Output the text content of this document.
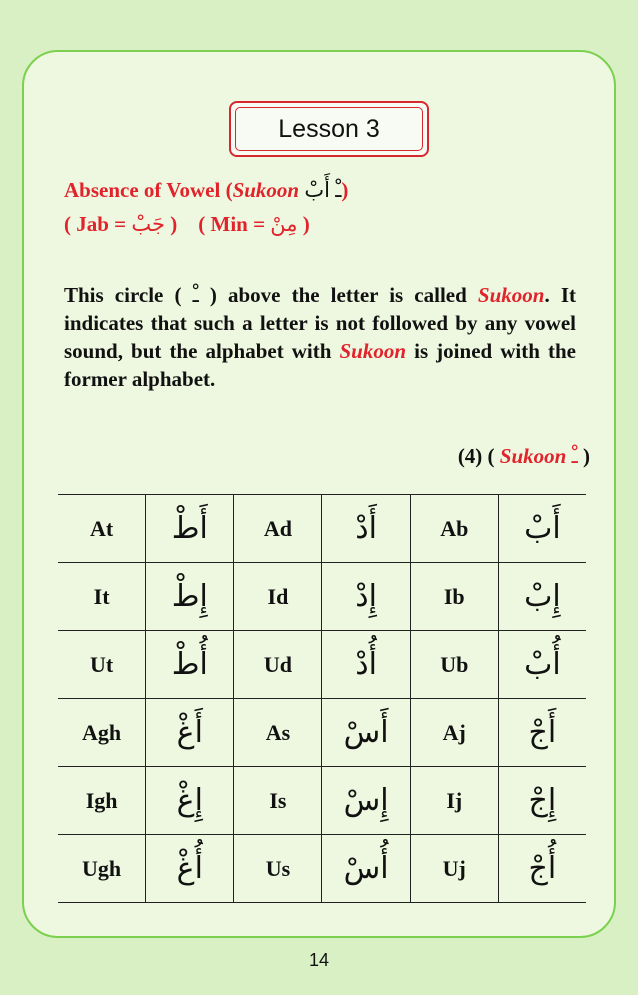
Lesson 3
Absence of Vowel (Sukoon ـْ أَبْ )
( Jab = جَبْ ) ( Min = مِنْ )
This circle ( ـْ ) above the letter is called Sukoon. It indicates that such a letter is not followed by any vowel sound, but the alphabet with Sukoon is joined with the former alphabet.
(4) ( Sukoon ـْ )
At	أَطْ	Ad	أَدْ	Ab	أَبْ
It	إِطْ	Id	إِدْ	Ib	إِبْ
Ut	أُطْ	Ud	أُدْ	Ub	أُبْ
Agh	أَغْ	As	أَسْ	Aj	أَجْ
Igh	إِغْ	Is	إِسْ	Ij	إِجْ
Ugh	أُغْ	Us	أُسْ	Uj	أُجْ
14
